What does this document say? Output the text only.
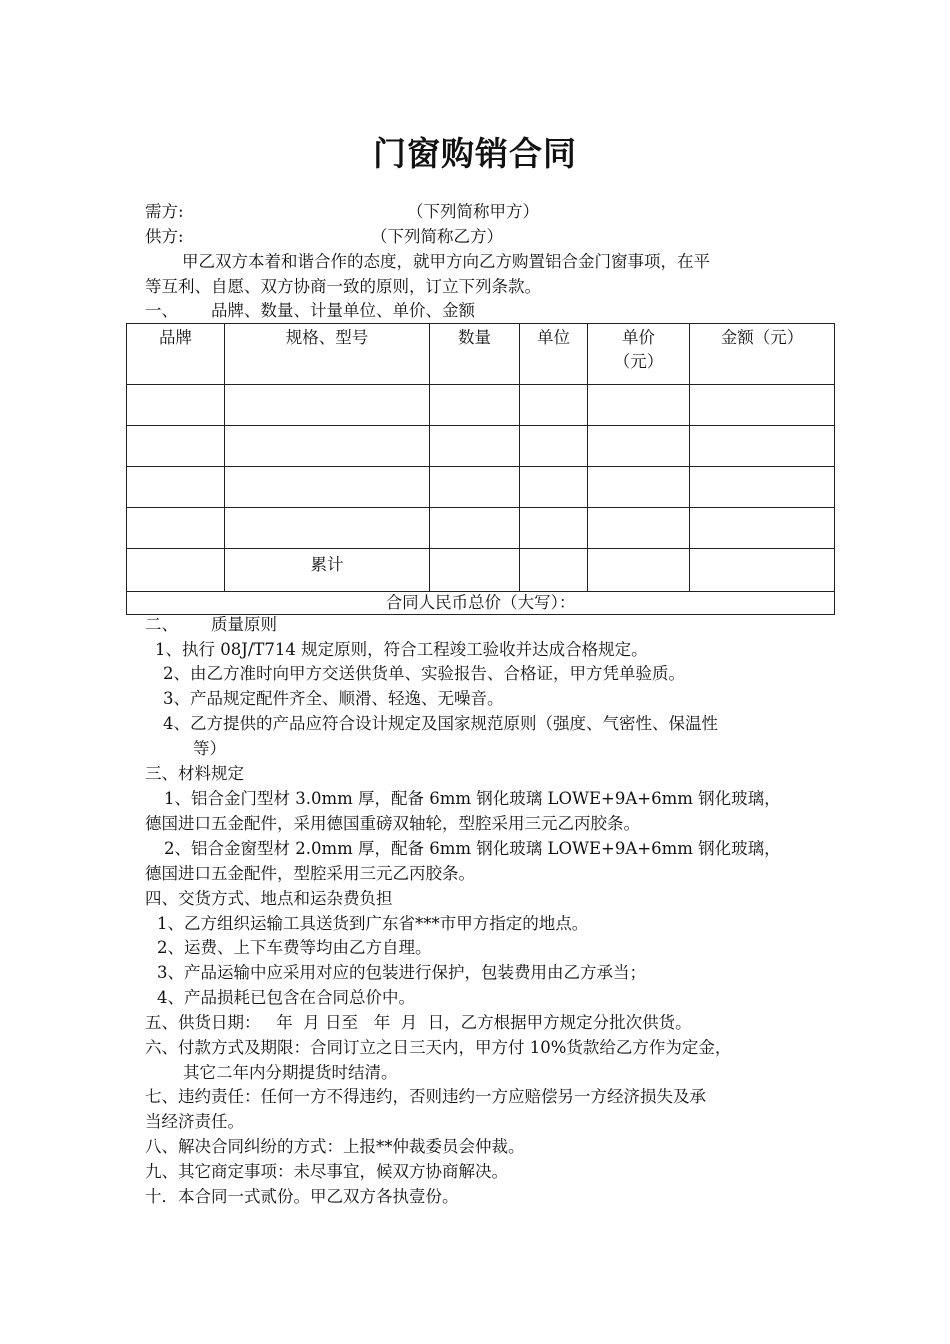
门窗购销合同
需方:	（下列简称甲方）
供方:	（下列简称乙方）
甲乙双方本着和谐合作的态度，就甲方向乙方购置铝合金门窗事项，在平
等互利、自愿、双方协商一致的原则，订立下列条款。
一、 品牌、数量、计量单位、单价、金额
品牌	规格、型号	数量	单位	单价（元）	金额（元）

	累计				
合同人民币总价（大写）：					
二、 质量原则
1、执行 08J/T714 规定原则，符合工程竣工验收并达成合格规定。
2、由乙方准时向甲方交送供货单、实验报告、合格证，甲方凭单验质。
3、产品规定配件齐全、顺滑、轻逸、无噪音。
4、乙方提供的产品应符合设计规定及国家规范原则（强度、气密性、保温性
等）
三、材料规定
1、铝合金门型材 3.0mm 厚，配备 6mm 钢化玻璃 LOWE+9A+6mm 钢化玻璃，
德国进口五金配件，采用德国重磅双轴轮，型腔采用三元乙丙胶条。
2、铝合金窗型材 2.0mm 厚，配备 6mm 钢化玻璃 LOWE+9A+6mm 钢化玻璃，
德国进口五金配件，型腔采用三元乙丙胶条。
四、交货方式、地点和运杂费负担
1、乙方组织运输工具送货到广东省***市甲方指定的地点。
2、运费、上下车费等均由乙方自理。
3、产品运输中应采用对应的包装进行保护，包装费用由乙方承当；
4、产品损耗已包含在合同总价中。
五、供货日期：   年  月 日至   年  月  日，乙方根据甲方规定分批次供货。
六、付款方式及期限：合同订立之日三天内，甲方付 10%货款给乙方作为定金，
其它二年内分期提货时结清。
七、违约责任：任何一方不得违约，否则违约一方应赔偿另一方经济损失及承
当经济责任。
八、解决合同纠纷的方式：上报**仲裁委员会仲裁。
九、其它商定事项：未尽事宜，候双方协商解决。
十．本合同一式贰份。甲乙双方各执壹份。
